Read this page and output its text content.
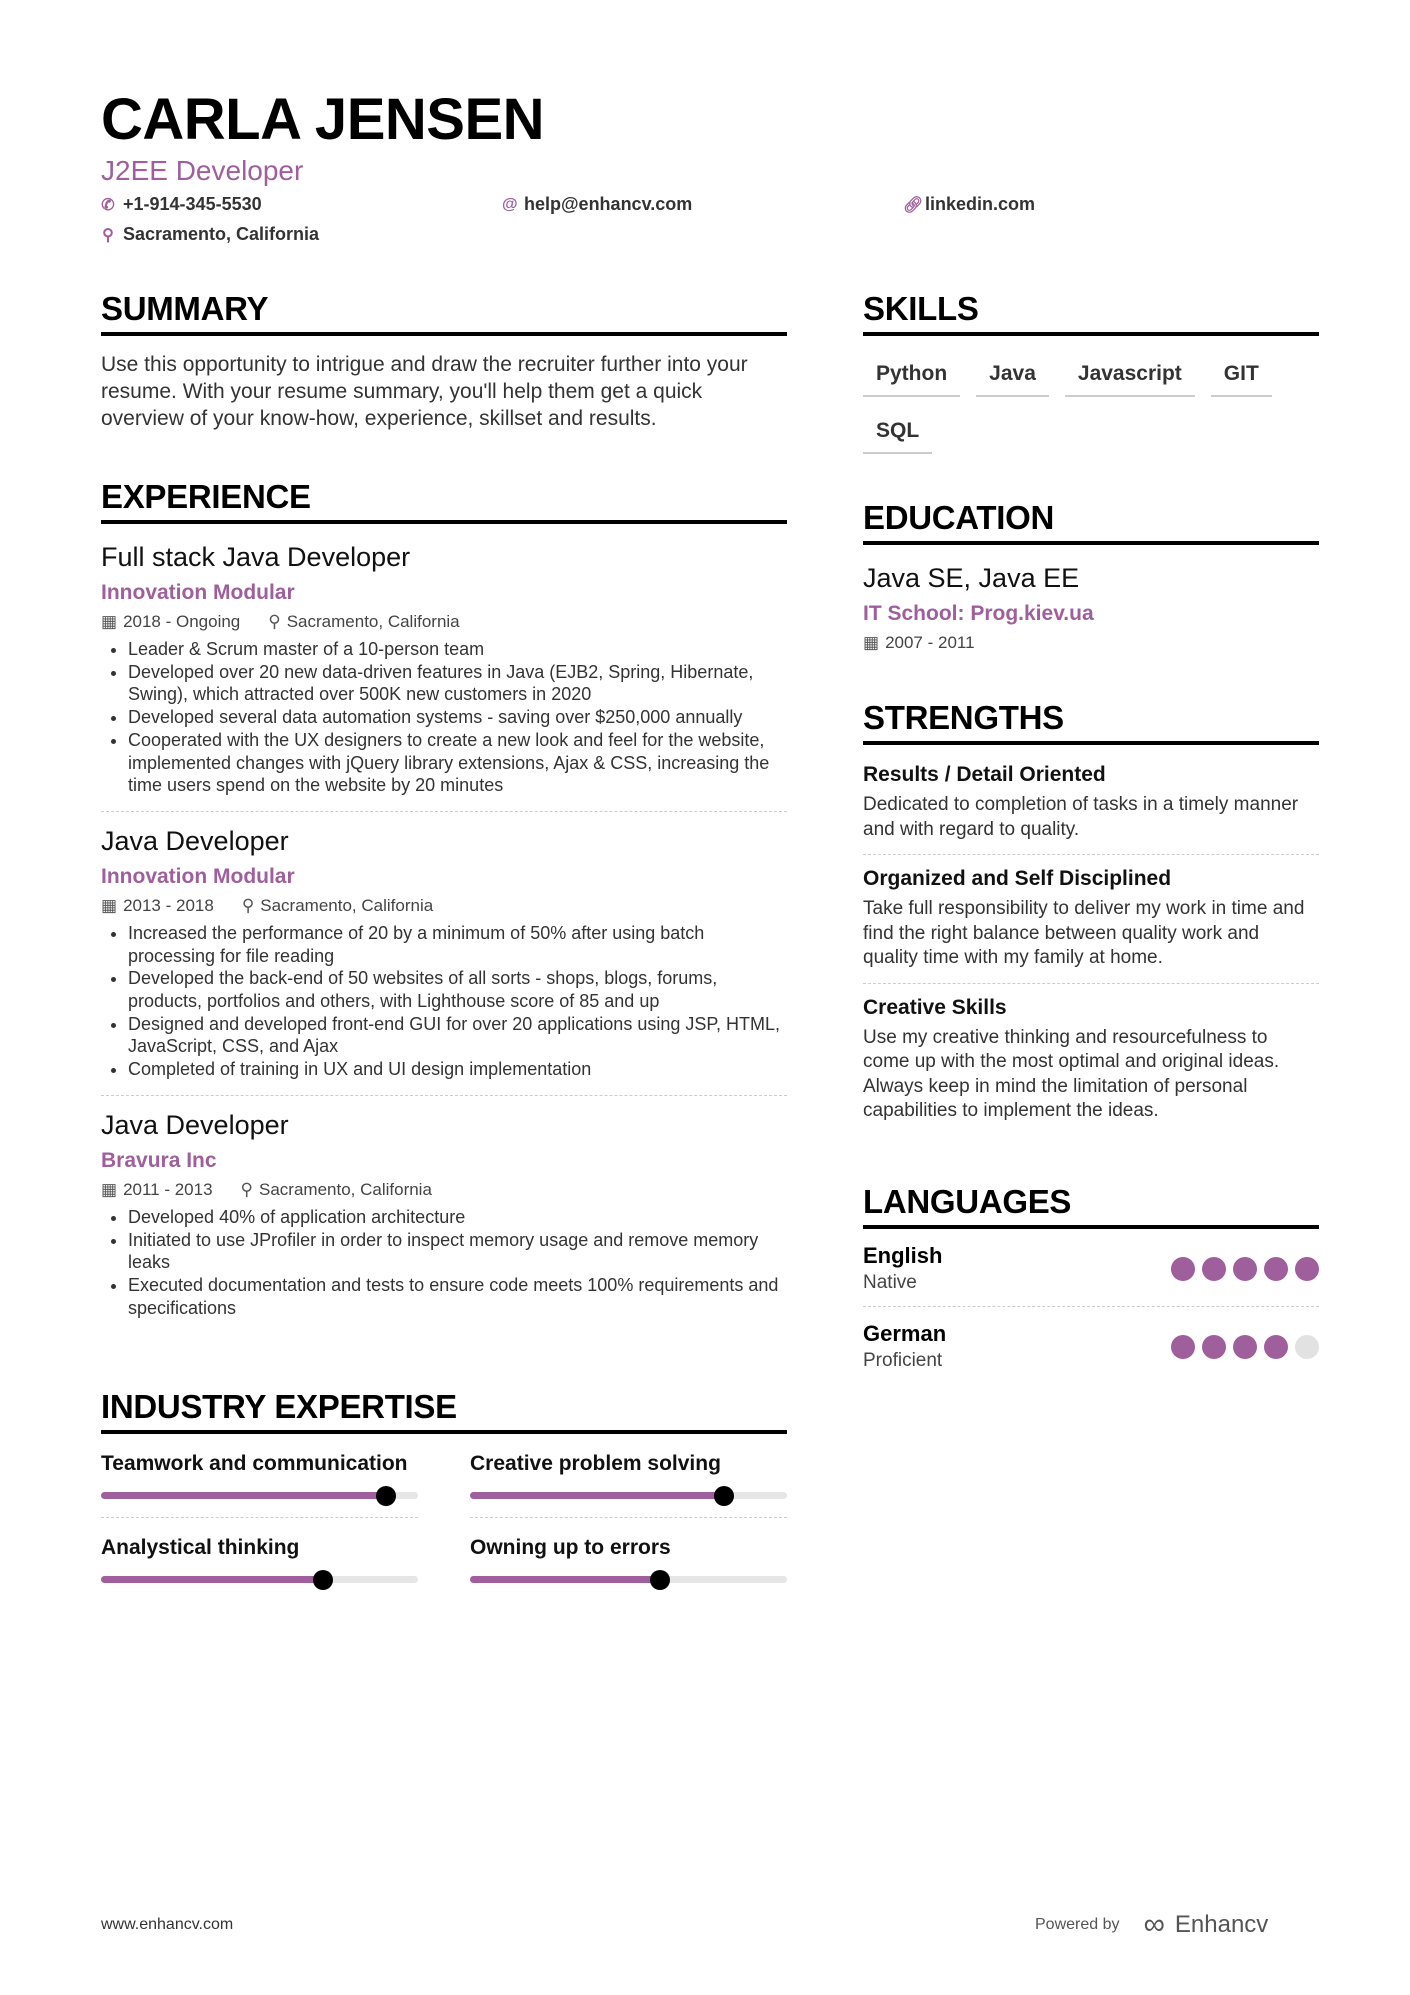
CARLA JENSEN
J2EE Developer
✆ +1-914-345-5530	@ help@enhancv.com	🔗︎ linkedin.com
⚲ Sacramento, California
SUMMARY

Use this opportunity to intrigue and draw the recruiter further into your resume. With your resume summary, you'll help them get a quick overview of your know-how, experience, skillset and results.

EXPERIENCE
Full stack Java Developer
Innovation Modular
▦ 2018 - Ongoing ⚲ Sacramento, California
• Leader & Scrum master of a 10-person team
• Developed over 20 new data-driven features in Java (EJB2, Spring, Hibernate, Swing), which attracted over 500K new customers in 2020
• Developed several data automation systems - saving over $250,000 annually
• Cooperated with the UX designers to create a new look and feel for the website, implemented changes with jQuery library extensions, Ajax & CSS, increasing the time users spend on the website by 20 minutes
Java Developer
Innovation Modular
▦ 2013 - 2018 ⚲ Sacramento, California
• Increased the performance of 20 by a minimum of 50% after using batch processing for file reading
• Developed the back-end of 50 websites of all sorts - shops, blogs, forums, products, portfolios and others, with Lighthouse score of 85 and up
• Designed and developed front-end GUI for over 20 applications using JSP, HTML, JavaScript, CSS, and Ajax
• Completed of training in UX and UI design implementation
Java Developer
Bravura Inc
▦ 2011 - 2013 ⚲ Sacramento, California
• Developed 40% of application architecture
• Initiated to use JProfiler in order to inspect memory usage and remove memory leaks
• Executed documentation and tests to ensure code meets 100% requirements and specifications
INDUSTRY EXPERTISE
Teamwork and communication	Creative problem solving
Analystical thinking	Owning up to errors
SKILLS
Python	Java	Javascript	GIT
SQL
EDUCATION
Java SE, Java EE
IT School: Prog.kiev.ua
▦ 2007 - 2011
STRENGTHS
Results / Detail Oriented
Dedicated to completion of tasks in a timely manner and with regard to quality.
Organized and Self Disciplined
Take full responsibility to deliver my work in time and find the right balance between quality work and quality time with my family at home.
Creative Skills
Use my creative thinking and resourcefulness to come up with the most optimal and original ideas. Always keep in mind the limitation of personal capabilities to implement the ideas.
LANGUAGES
English
Native
German
Proficient
www.enhancv.com	Powered by ∞ Enhancv
